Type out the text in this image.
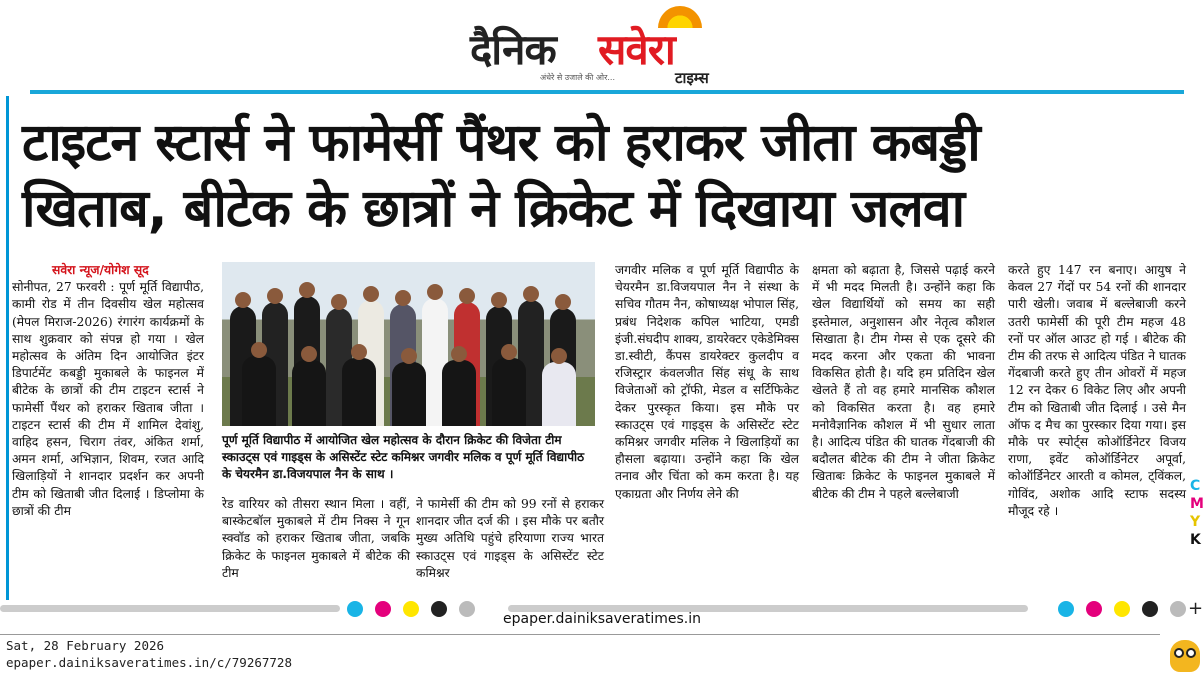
दैनिक सवेरा
अंधेरे से उजाले की ओर...	टाइम्स
टाइटन स्टार्स ने फामेर्सी पैंथर को हराकर जीता कबड्डी
खिताब, बीटेक के छात्रों ने क्रिकेट में दिखाया जलवा
सवेरा न्यूज/योगेश सूद
सोनीपत, 27 फरवरी : पूर्ण मूर्ति विद्यापीठ, कामी रोड में तीन दिवसीय खेल महोत्सव (मेपल मिराज-2026) रंगारंग कार्यक्रमों के साथ शुक्रवार को संपन्न हो गया । खेल महोत्सव के अंतिम दिन आयोजित इंटर डिपार्टमेंट कबड्डी मुकाबले के फाइनल में बीटेक के छात्रों की टीम टाइटन स्टार्स ने फामेर्सी पैंथर को हराकर खिताब जीता । टाइटन स्टार्स की टीम में शामिल देवांशु, वाहिद हसन, चिराग तंवर, अंकित शर्मा, अमन शर्मा, अभिज्ञान, शिवम, रजत आदि खिलाड़ियों ने शानदार प्रदर्शन कर अपनी टीम को खिताबी जीत दिलाई । डिप्लोमा के छात्रों की टीम
पूर्ण मूर्ति विद्यापीठ में आयोजित खेल महोत्सव के दौरान क्रिकेट की विजेता टीम स्काउट्स एवं गाइड्स के असिस्टेंट स्टेट कमिश्नर जगवीर मलिक व पूर्ण मूर्ति विद्यापीठ के चेयरमैन डा.विजयपाल नैन के साथ ।
रेड वारियर को तीसरा स्थान मिला । वहीं, बास्केटबॉल मुकाबले में टीम निक्स ने गून स्क्वॉड को हराकर खिताब जीता, जबकि क्रिकेट के फाइनल मुकाबले में बीटेक की टीम
ने फामेर्सी की टीम को 99 रनों से हराकर शानदार जीत दर्ज की । इस मौके पर बतौर मुख्य अतिथि पहुंचे हरियाणा राज्य भारत स्काउट्स एवं गाइड्स के असिस्टेंट स्टेट कमिश्नर
जगवीर मलिक व पूर्ण मूर्ति विद्यापीठ के चेयरमैन डा.विजयपाल नैन ने संस्था के सचिव गौतम नैन, कोषाध्यक्ष भोपाल सिंह, प्रबंध निदेशक कपिल भाटिया, एमडी इंजी.संघदीप शाक्य, डायरेक्टर एकेडेमिक्स डा.स्वीटी, कैंपस डायरेक्टर कुलदीप व रजिस्ट्रार कंवलजीत सिंह संधू के साथ विजेताओं को ट्रॉफी, मेडल व सर्टिफिकेट देकर पुरस्कृत किया। इस मौके पर स्काउट्स एवं गाइड्स के असिस्टेंट स्टेट कमिश्नर जगवीर मलिक ने खिलाड़ियों का हौसला बढ़ाया। उन्होंने कहा कि खेल तनाव और चिंता को कम करता है। यह एकाग्रता और निर्णय लेने की
क्षमता को बढ़ाता है, जिससे पढ़ाई करने में भी मदद मिलती है। उन्होंने कहा कि खेल विद्यार्थियों को समय का सही इस्तेमाल, अनुशासन और नेतृत्व कौशल सिखाता है। टीम गेम्स से एक दूसरे की मदद करना और एकता की भावना विकसित होती है। यदि हम प्रतिदिन खेल खेलते हैं तो वह हमारे मानसिक कौशल को विकसित करता है। वह हमारे मनोवैज्ञानिक कौशल में भी सुधार लाता है। आदित्य पंडित की घातक गेंदबाजी की बदौलत बीटेक की टीम ने जीता क्रिकेट खिताबः क्रिकेट के फाइनल मुकाबले में बीटेक की टीम ने पहले बल्लेबाजी
करते हुए 147 रन बनाए। आयुष ने केवल 27 गेंदों पर 54 रनों की शानदार पारी खेली। जवाब में बल्लेबाजी करने उतरी फामेर्सी की पूरी टीम महज 48 रनों पर ऑल आउट हो गई । बीटेक की टीम की तरफ से आदित्य पंडित ने घातक गेंदबाजी करते हुए तीन ओवरों में महज 12 रन देकर 6 विकेट लिए और अपनी टीम को खिताबी जीत दिलाई । उसे मैन ऑफ द मैच का पुरस्कार दिया गया। इस मौके पर स्पोर्ट्स कोऑर्डिनेटर विजय राणा, इवेंट कोऑर्डिनेटर अपूर्वा, कोऑर्डिनेटर आरती व कोमल, ट्विंकल, गोविंद, अशोक आदि स्टाफ सदस्य मौजूद रहे ।
C
M
Y
K
+
epaper.dainiksaveratimes.in
Sat, 28 February 2026
epaper.dainiksaveratimes.in/c/79267728
